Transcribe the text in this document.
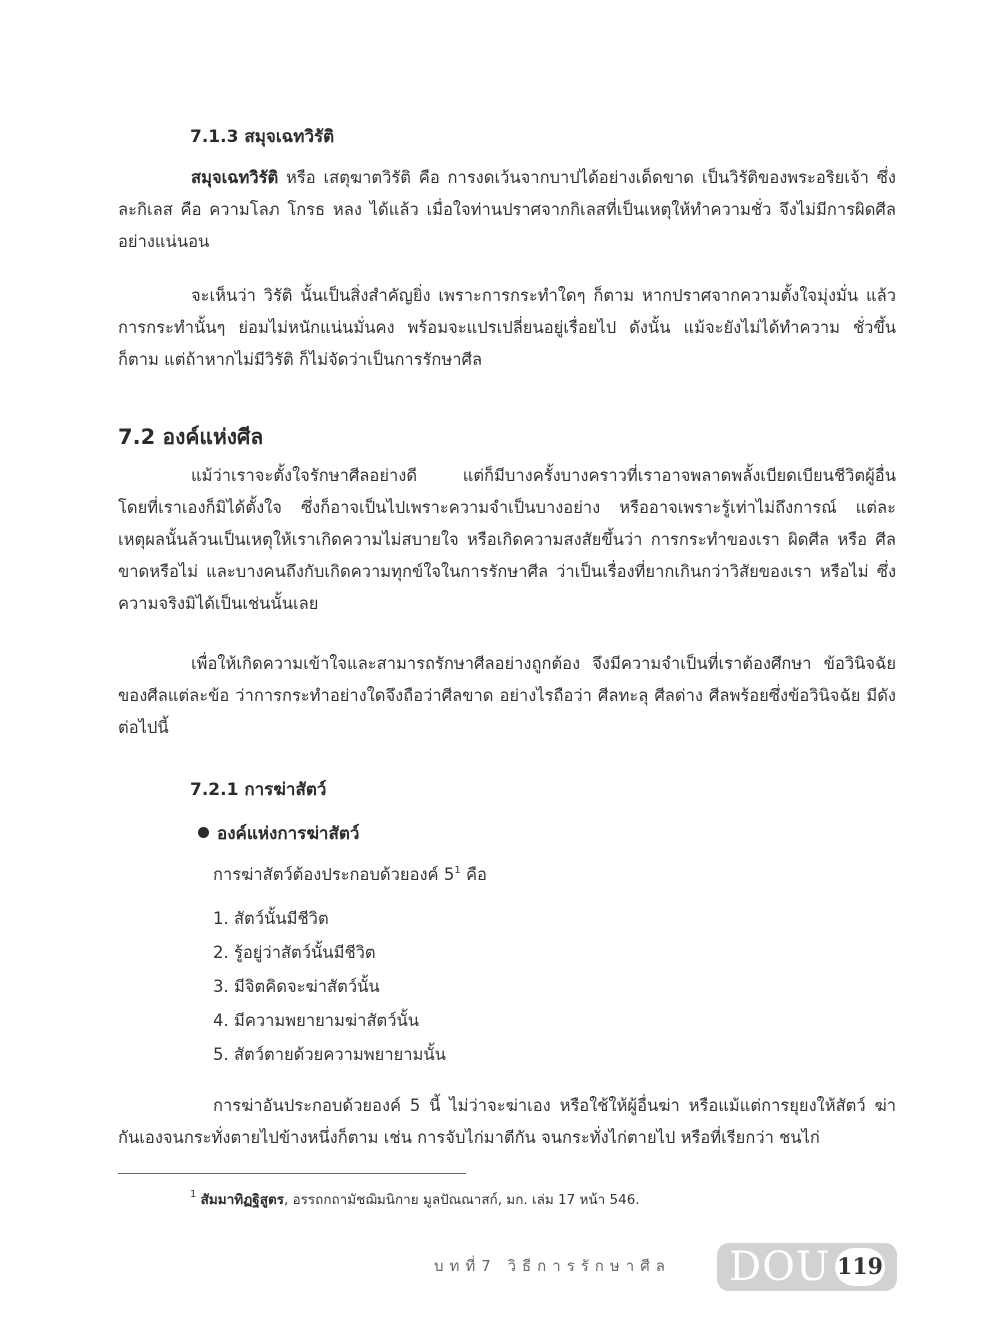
7.1.3 สมุจเฉทวิรัติ

สมุจเฉทวิรัติ หรือ เสตุฆาตวิรัติ คือ การงดเว้นจากบาปได้อย่างเด็ดขาด เป็นวิรัติของพระอริยเจ้า ซึ่งละกิเลส คือ ความโลภ โกรธ หลง ได้แล้ว เมื่อใจท่านปราศจากกิเลสที่เป็นเหตุให้ทำความชั่ว จึงไม่มีการผิดศีลอย่างแน่นอน

จะเห็นว่า วิรัติ นั้นเป็นสิ่งสำคัญยิ่ง เพราะการกระทำใดๆ ก็ตาม หากปราศจากความตั้งใจมุ่งมั่น แล้ว การกระทำนั้นๆ ย่อมไม่หนักแน่นมั่นคง พร้อมจะแปรเปลี่ยนอยู่เรื่อยไป ดังนั้น แม้จะยังไม่ได้ทำความ ชั่วขึ้นก็ตาม แต่ถ้าหากไม่มีวิรัติ ก็ไม่จัดว่าเป็นการรักษาศีล

7.2 องค์แห่งศีล

แม้ว่าเราจะตั้งใจรักษาศีลอย่างดี แต่ก็มีบางครั้งบางคราวที่เราอาจพลาดพลั้งเบียดเบียนชีวิตผู้อื่น โดยที่เราเองก็มิได้ตั้งใจ ซึ่งก็อาจเป็นไปเพราะความจำเป็นบางอย่าง หรืออาจเพราะรู้เท่าไม่ถึงการณ์ แต่ละ เหตุผลนั้นล้วนเป็นเหตุให้เราเกิดความไม่สบายใจ หรือเกิดความสงสัยขึ้นว่า การกระทำของเรา ผิดศีล หรือ ศีลขาดหรือไม่ และบางคนถึงกับเกิดความทุกข์ใจในการรักษาศีล ว่าเป็นเรื่องที่ยากเกินกว่าวิสัยของเรา หรือไม่ ซึ่งความจริงมิได้เป็นเช่นนั้นเลย

เพื่อให้เกิดความเข้าใจและสามารถรักษาศีลอย่างถูกต้อง จึงมีความจำเป็นที่เราต้องศึกษา ข้อวินิจฉัยของศีลแต่ละข้อ ว่าการกระทำอย่างใดจึงถือว่าศีลขาด อย่างไรถือว่า ศีลทะลุ ศีลด่าง ศีลพร้อยซึ่งข้อวินิจฉัย มีดังต่อไปนี้

7.2.1 การฆ่าสัตว์
องค์แห่งการฆ่าสัตว์
การฆ่าสัตว์ต้องประกอบด้วยองค์ $5^1$ คือ
1. สัตว์นั้นมีชีวิต
2. รู้อยู่ว่าสัตว์นั้นมีชีวิต
3. มีจิตคิดจะฆ่าสัตว์นั้น
4. มีความพยายามฆ่าสัตว์นั้น
5. สัตว์ตายด้วยความพยายามนั้น

การฆ่าอันประกอบด้วยองค์ 5 นี้ ไม่ว่าจะฆ่าเอง หรือใช้ให้ผู้อื่นฆ่า หรือแม้แต่การยุยงให้สัตว์ ฆ่ากันเองจนกระทั่งตายไปข้างหนึ่งก็ตาม เช่น การจับไก่มาตีกัน จนกระทั่งไก่ตายไป หรือที่เรียกว่า ชนไก่

$^1$ สัมมาทิฏฐิสูตร, อรรถกถามัชฌิมนิกาย มูลปัณณาสก์, มก. เล่ม 17 หน้า 546.
บทที่7 วิธีการรักษาศีล DOU 119
